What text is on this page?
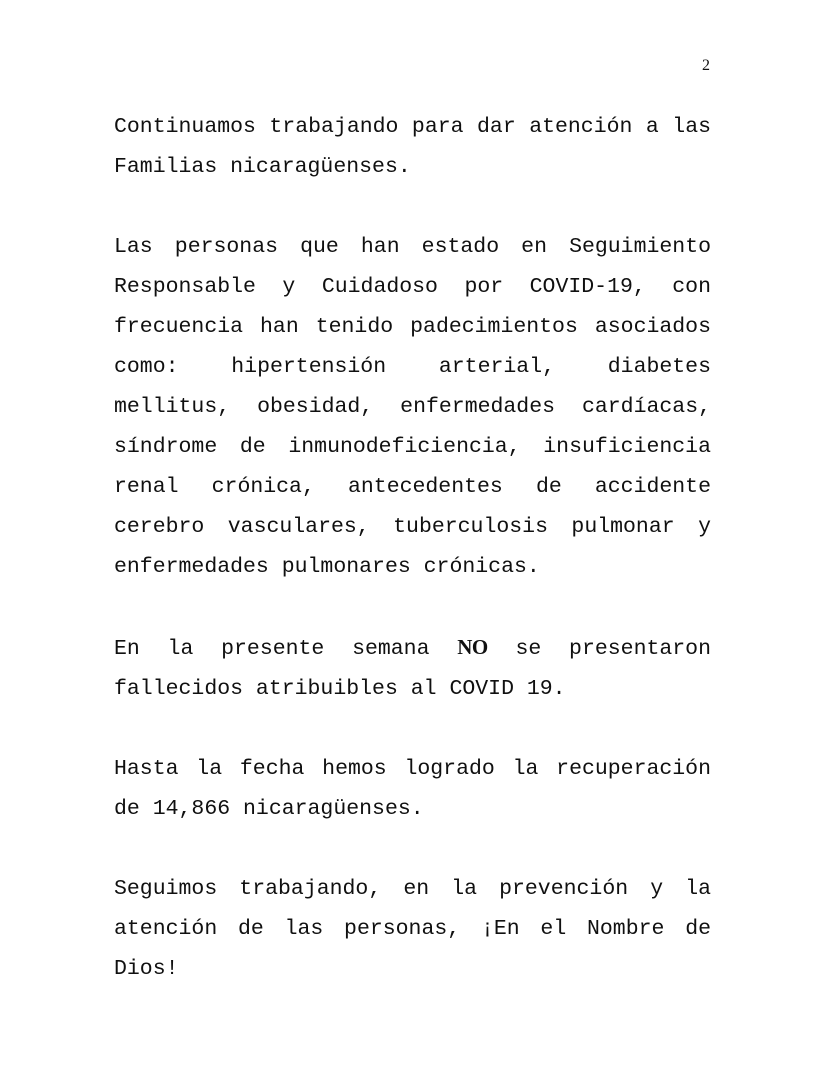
2

Continuamos trabajando para dar atención a las Familias nicaragüenses.

Las personas que han estado en Seguimiento Responsable y Cuidadoso por COVID-19, con frecuencia han tenido padecimientos asociados como: hipertensión arterial, diabetes mellitus, obesidad, enfermedades cardíacas, síndrome de inmunodeficiencia, insuficiencia renal crónica, antecedentes de accidente cerebro vasculares, tuberculosis pulmonar y enfermedades pulmonares crónicas.

En la presente semana NO se presentaron fallecidos atribuibles al COVID 19.

Hasta la fecha hemos logrado la recuperación de 14,866 nicaragüenses.

Seguimos trabajando, en la prevención y la atención de las personas, ¡En el Nombre de Dios!
